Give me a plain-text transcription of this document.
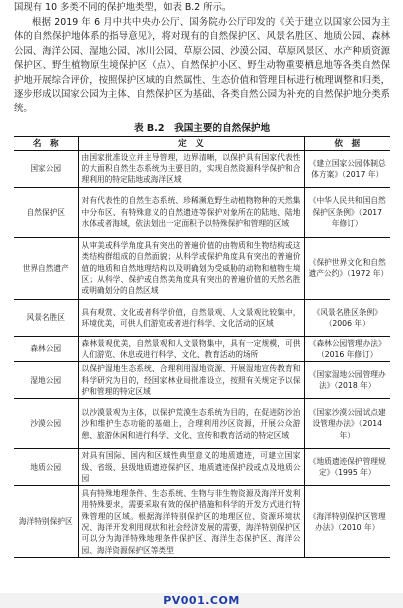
国现有 10 多类不同的保护地类型，如表 B.2 所示。

根据 2019 年 6 月中共中央办公厅、国务院办公厅印发的《关于建立以国家公园为主体的自然保护地体系的指导意见》，将对现有的自然保护区、风景名胜区、地质公园、森林公园、海洋公园、湿地公园、冰川公园、草原公园、沙漠公园、草原风景区、水产种质资源保护区、野生植物原生境保护区（点）、自然保护小区、野生动物重要栖息地等各类自然保护地开展综合评价，按照保护区域的自然属性、生态价值和管理目标进行梳理调整和归类，逐步形成以国家公园为主体、自然保护区为基础、各类自然公园为补充的自然保护地分类系统。

表 B.2　我国主要的自然保护地
名　称	定　义	依　据
国家公园	由国家批准设立并主导管理，边界清晰，以保护具有国家代表性的大面积自然生态系统为主要目的，实现自然资源科学保护和合理利用的特定陆地或海洋区域	《建立国家公园体制总体方案》（2017 年）
自然保护区	对有代表性的自然生态系统、珍稀濒危野生动植物物种的天然集中分布区、有特殊意义的自然遗迹等保护对象所在的陆地、陆地水体或者海域，依法划出一定面积予以特殊保护和管理的区域	《中华人民共和国自然保护区条例》（2017 年修订）
世界自然遗产	从审美或科学角度具有突出的普遍价值的由物质和生物结构或这类结构群组成的自然面貌；从科学或保护角度具有突出的普遍价值的地质和自然地理结构以及明确划为受威胁的动物和植物生境区；从科学、保护或自然美角度具有突出的普遍价值的天然名胜或明确划分的自然区域	《保护世界文化和自然遗产公约》（1972 年）
风景名胜区	具有观赏、文化或者科学价值，自然景观、人文景观比较集中，环境优美，可供人们游览或者进行科学、文化活动的区域	《风景名胜区条例》（2006 年）
森林公园	森林景观优美，自然景观和人文景物集中，具有一定规模，可供人们游览、休息或进行科学、文化、教育活动的场所	《森林公园管理办法》（2016 年修订）
湿地公园	以保护湿地生态系统、合理利用湿地资源、开展湿地宣传教育和科学研究为目的，经国家林业局批准设立，按照有关规定予以保护和管理的特定区域	《国家湿地公园管理办法》（2018 年）
沙漠公园	以沙漠景观为主体，以保护荒漠生态系统为目的，在促进防沙治沙和维护生态功能的基础上，合理利用沙区资源，开展公众游憩、旅游休闲和进行科学、文化、宣传和教育活动的特定区域	《国家沙漠公园试点建设管理办法》（2014 年）
地质公园	对具有国际、国内和区域性典型意义的地质遗迹，可建立国家级、省级、县级地质遗迹保护区、地质遗迹保护段或点及地质公园	《地质遗迹保护管理规定》（1995 年）
海洋特别保护区	具有特殊地理条件、生态系统、生物与非生物资源及海洋开发利用特殊要求，需要采取有效的保护措施和科学的开发方式进行特殊管理的区域。根据海洋特别保护区的地理区位、资源环境状况、海洋开发利用现状和社会经济发展的需要，海洋特别保护区可以分为海洋特殊地理条件保护区、海洋生态保护区、海洋公园、海洋资源保护区等类型	《海洋特别保护区管理办法》（2010 年）
PV001.COM
